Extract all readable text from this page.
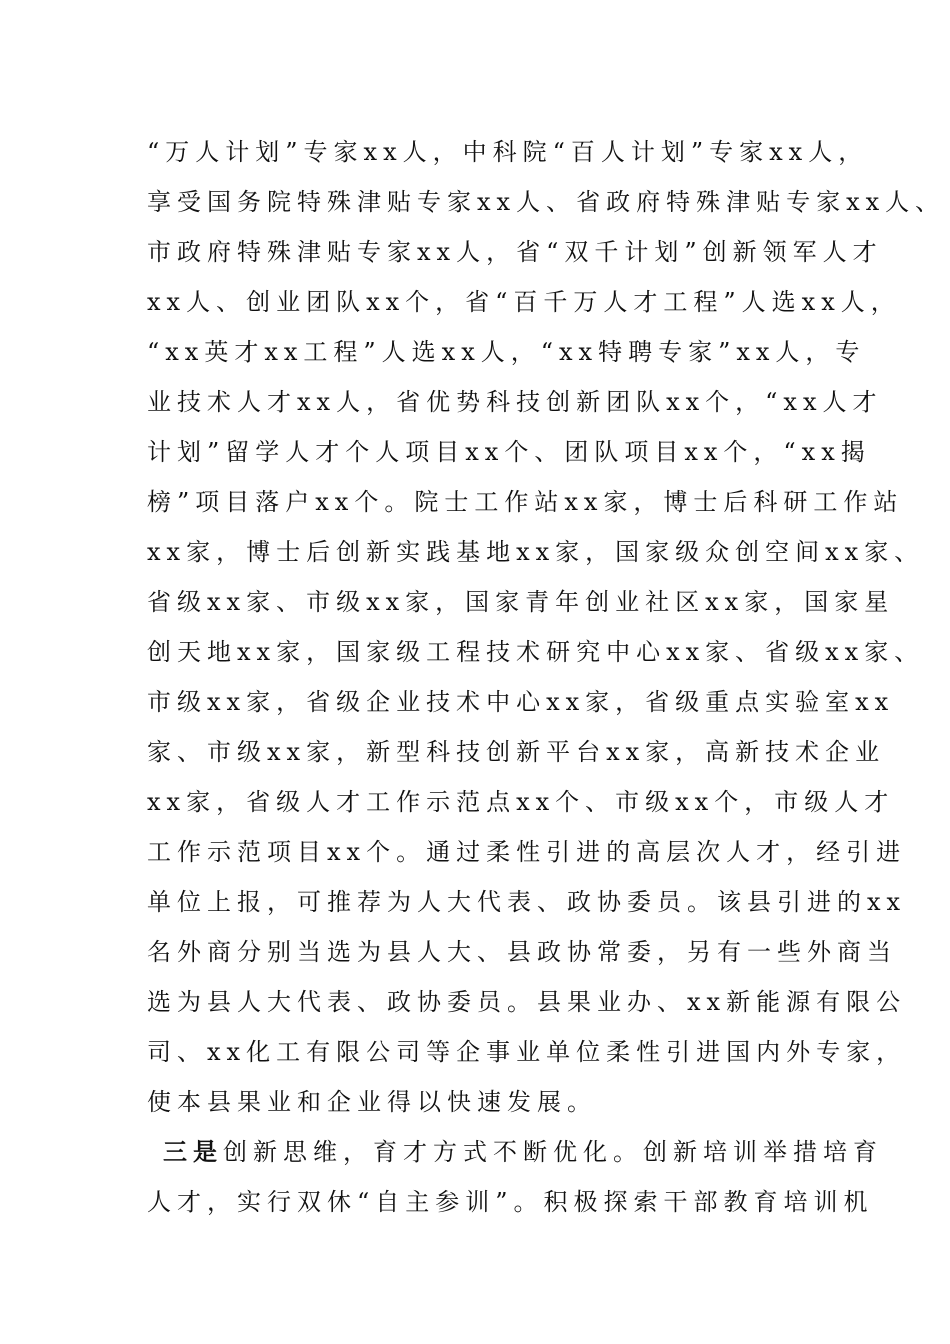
“万人计划”专家xx人，中科院“百人计划”专家xx人，
享受国务院特殊津贴专家xx人、省政府特殊津贴专家xx人、
市政府特殊津贴专家xx人，省“双千计划”创新领军人才
xx人、创业团队xx个，省“百千万人才工程”人选xx人，
“xx英才xx工程”人选xx人，“xx特聘专家”xx人，专
业技术人才xx人，省优势科技创新团队xx个，“xx人才
计划”留学人才个人项目xx个、团队项目xx个，“xx揭
榜”项目落户xx个。院士工作站xx家，博士后科研工作站
xx家，博士后创新实践基地xx家，国家级众创空间xx家、
省级xx家、市级xx家，国家青年创业社区xx家，国家星
创天地xx家，国家级工程技术研究中心xx家、省级xx家、
市级xx家，省级企业技术中心xx家，省级重点实验室xx
家、市级xx家，新型科技创新平台xx家，高新技术企业
xx家，省级人才工作示范点xx个、市级xx个，市级人才
工作示范项目xx个。通过柔性引进的高层次人才，经引进
单位上报，可推荐为人大代表、政协委员。该县引进的xx
名外商分别当选为县人大、县政协常委，另有一些外商当
选为县人大代表、政协委员。县果业办、xx新能源有限公
司、xx化工有限公司等企事业单位柔性引进国内外专家，
使本县果业和企业得以快速发展。
三是创新思维，育才方式不断优化。创新培训举措培育
人才，实行双休“自主参训”。积极探索干部教育培训机
